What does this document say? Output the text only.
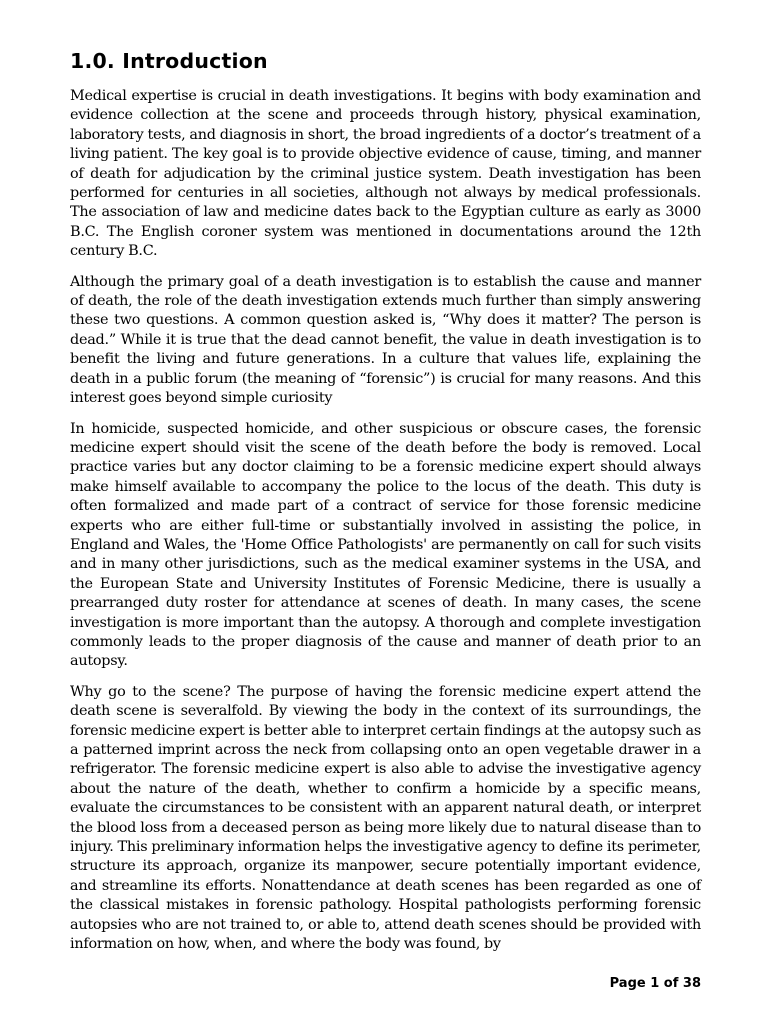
1.0. Introduction

Medical expertise is crucial in death investigations. It begins with body examination and evidence collection at the scene and proceeds through history, physical examination, laboratory tests, and diagnosis in short, the broad ingredients of a doctor’s treatment of a living patient. The key goal is to provide objective evidence of cause, timing, and manner of death for adjudication by the criminal justice system. Death investigation has been performed for centuries in all societies, although not always by medical professionals. The association of law and medicine dates back to the Egyptian culture as early as 3000 B.C. The English coroner system was mentioned in documentations around the 12th century B.C.

Although the primary goal of a death investigation is to establish the cause and manner of death, the role of the death investigation extends much further than simply answering these two questions. A common question asked is, “Why does it matter? The person is dead.” While it is true that the dead cannot benefit, the value in death investigation is to benefit the living and future generations. In a culture that values life, explaining the death in a public forum (the meaning of “forensic”) is crucial for many reasons. And this interest goes beyond simple curiosity

In homicide, suspected homicide, and other suspicious or obscure cases, the forensic medicine expert should visit the scene of the death before the body is removed. Local practice varies but any doctor claiming to be a forensic medicine expert should always make himself available to accompany the police to the locus of the death. This duty is often formalized and made part of a contract of service for those forensic medicine experts who are either full-time or substantially involved in assisting the police, in England and Wales, the 'Home Office Pathologists' are permanently on call for such visits and in many other jurisdictions, such as the medical examiner systems in the USA, and the European State and University Institutes of Forensic Medicine, there is usually a prearranged duty roster for attendance at scenes of death. In many cases, the scene investigation is more important than the autopsy. A thorough and complete investigation commonly leads to the proper diagnosis of the cause and manner of death prior to an autopsy.

Why go to the scene? The purpose of having the forensic medicine expert attend the death scene is severalfold. By viewing the body in the context of its surroundings, the forensic medicine expert is better able to interpret certain findings at the autopsy such as a patterned imprint across the neck from collapsing onto an open vegetable drawer in a refrigerator. The forensic medicine expert is also able to advise the investigative agency about the nature of the death, whether to confirm a homicide by a specific means, evaluate the circumstances to be consistent with an apparent natural death, or interpret the blood loss from a deceased person as being more likely due to natural disease than to injury. This preliminary information helps the investigative agency to define its perimeter, structure its approach, organize its manpower, secure potentially important evidence, and streamline its efforts. Nonattendance at death scenes has been regarded as one of the classical mistakes in forensic pathology. Hospital pathologists performing forensic autopsies who are not trained to, or able to, attend death scenes should be provided with information on how, when, and where the body was found, by

Page 1 of 38
